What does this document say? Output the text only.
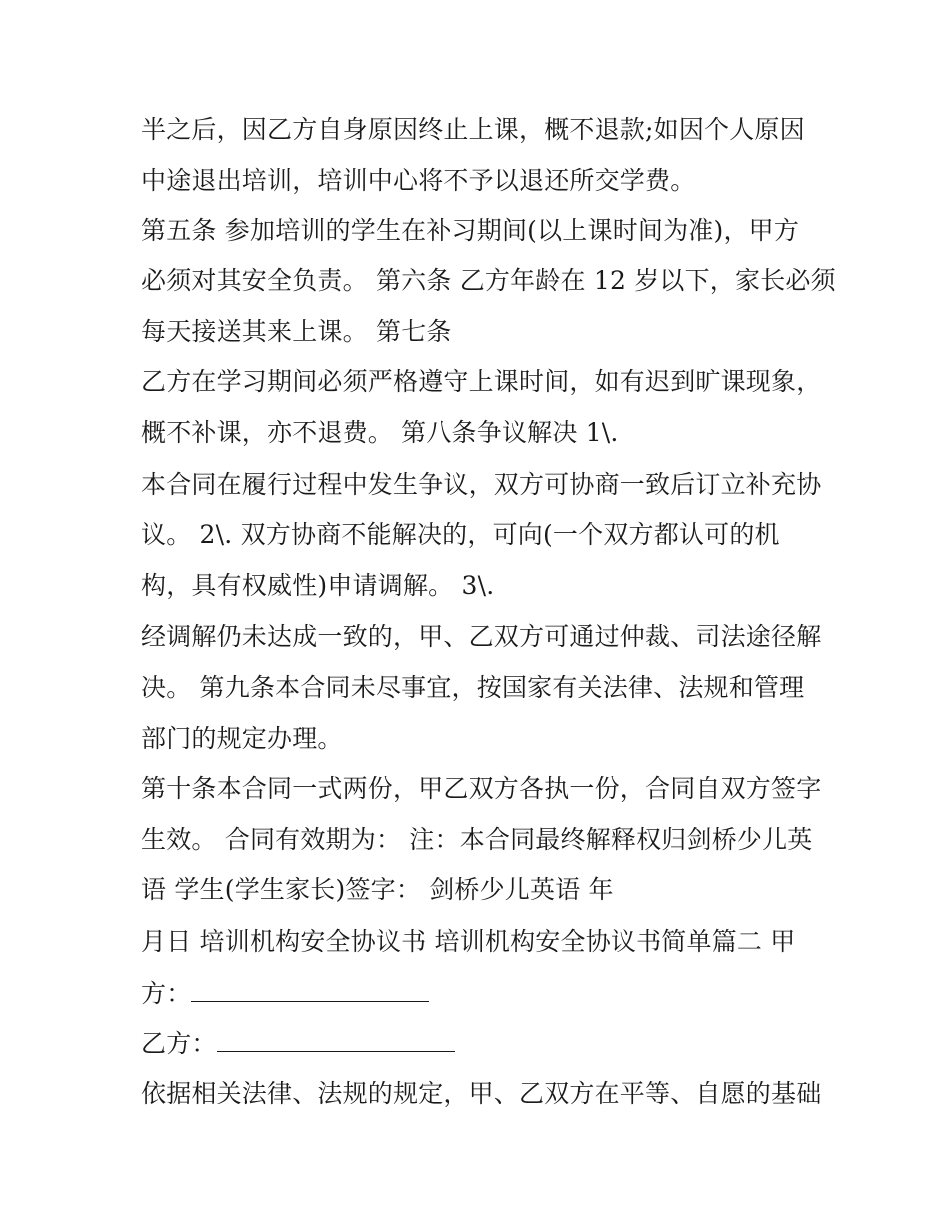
半之后，因乙方自身原因终止上课，概不退款;如因个人原因

中途退出培训，培训中心将不予以退还所交学费。

第五条 参加培训的学生在补习期间(以上课时间为准)，甲方

必须对其安全负责。 第六条 乙方年龄在 12 岁以下，家长必须

每天接送其来上课。 第七条

乙方在学习期间必须严格遵守上课时间，如有迟到旷课现象，

概不补课，亦不退费。 第八条争议解决 1\.

本合同在履行过程中发生争议，双方可协商一致后订立补充协

议。 2\. 双方协商不能解决的，可向(一个双方都认可的机

构，具有权威性)申请调解。 3\.

经调解仍未达成一致的，甲、乙双方可通过仲裁、司法途径解

决。 第九条本合同未尽事宜，按国家有关法律、法规和管理

部门的规定办理。

第十条本合同一式两份，甲乙双方各执一份，合同自双方签字

生效。 合同有效期为： 注：本合同最终解释权归剑桥少儿英

语 学生(学生家长)签字： 剑桥少儿英语 年

月日 培训机构安全协议书 培训机构安全协议书简单篇二 甲

方：

乙方：

依据相关法律、法规的规定，甲、乙双方在平等、自愿的基础
